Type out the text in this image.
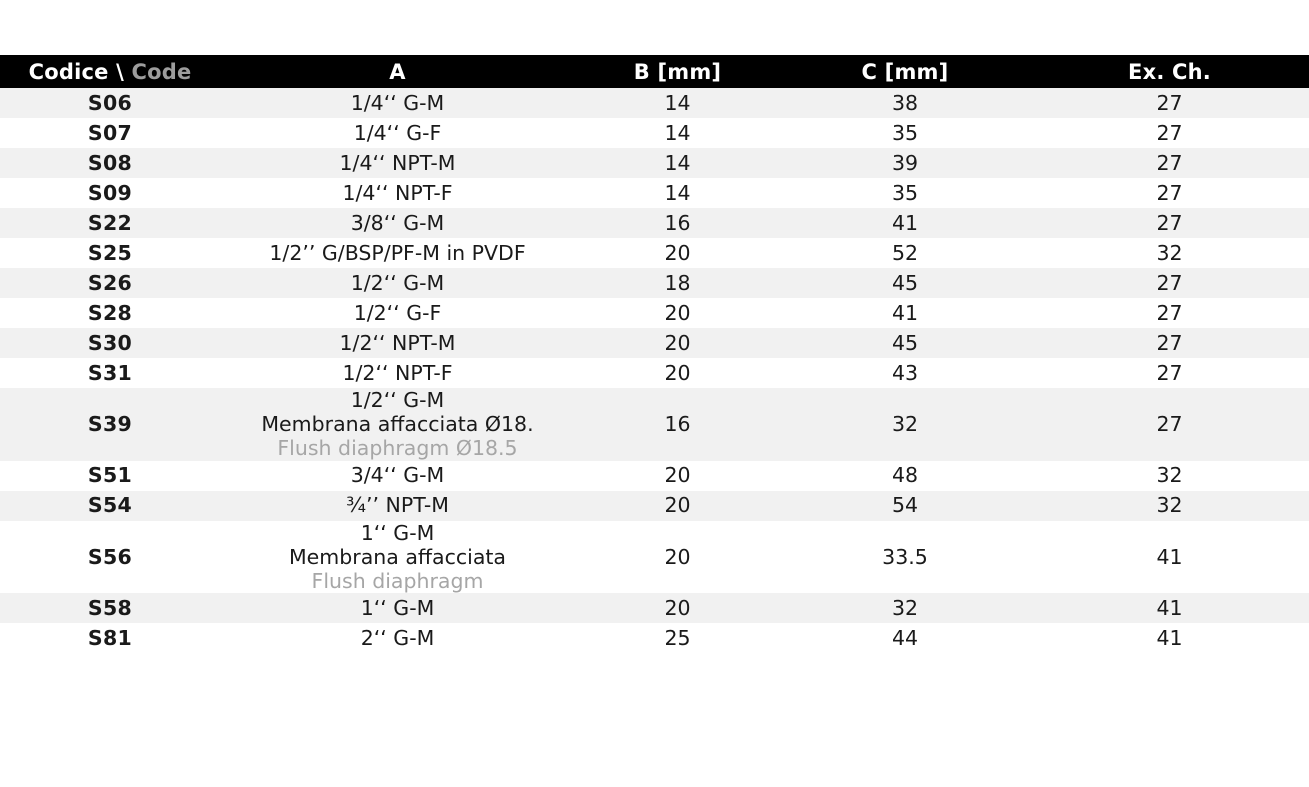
Codice \ Code	A	B [mm]	C [mm]	Ex. Ch.
S06	1/4‘‘ G-M	14	38	27
S07	1/4‘‘ G-F	14	35	27
S08	1/4‘‘ NPT-M	14	39	27
S09	1/4‘‘ NPT-F	14	35	27
S22	3/8‘‘ G-M	16	41	27
S25	1/2’’ G/BSP/PF-M in PVDF	20	52	32
S26	1/2‘‘ G-M	18	45	27
S28	1/2‘‘ G-F	20	41	27
S30	1/2‘‘ NPT-M	20	45	27
S31	1/2‘‘ NPT-F	20	43	27
S39	1/2‘‘ G-M
Membrana affacciata Ø18.
Flush diaphragm Ø18.5	16	32	27
S51	3/4‘‘ G-M	20	48	32
S54	¾’’ NPT-M	20	54	32
S56	1‘‘ G-M
Membrana affacciata
Flush diaphragm	20	33.5	41
S58	1‘‘ G-M	20	32	41
S81	2‘‘ G-M	25	44	41
